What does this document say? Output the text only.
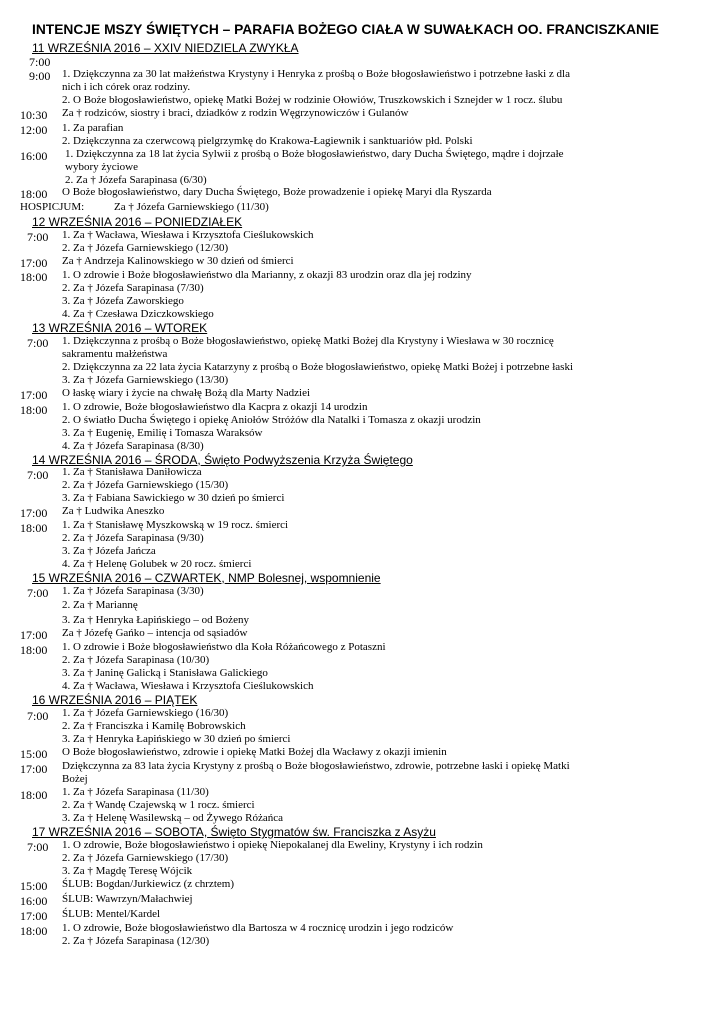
INTENCJE MSZY ŚWIĘTYCH – PARAFIA BOŻEGO CIAŁA W SUWAŁKACH OO. FRANCISZKANIE
11 WRZEŚNIA 2016 – XXIV NIEDZIELA ZWYKŁA
7:00
9:00 1. Dziękczynna za 30 lat małżeństwa Krystyny i Henryka z prośbą o Boże błogosławieństwo i potrzebne łaski z dla
nich i ich córek oraz rodziny.
2. O Boże błogosławieństwo, opiekę Matki Bożej w rodzinie Ołowiów, Truszkowskich i Sznejder w 1 rocz. ślubu
10:30 Za † rodziców, siostry i braci, dziadków z rodzin Węgrzynowiczów i Gulanów
12:00 1. Za parafian
2. Dziękczynna za czerwcową pielgrzymkę do Krakowa-Łagiewnik i sanktuariów płd. Polski
16:00 1. Dziękczynna za 18 lat życia Sylwii z prośbą o Boże błogosławieństwo, dary Ducha Świętego, mądre i dojrzałe
wybory życiowe
2. Za † Józefa Sarapinasa (6/30)
18:00 O Boże błogosławieństwo, dary Ducha Świętego, Boże prowadzenie i opiekę Maryi dla Ryszarda
HOSPICJUM:	Za † Józefa Garniewskiego (11/30)
12 WRZEŚNIA 2016 – PONIEDZIAŁEK
7:00 1. Za † Wacława, Wiesława i Krzysztofa Cieślukowskich
2. Za † Józefa Garniewskiego (12/30)
17:00 Za † Andrzeja Kalinowskiego w 30 dzień od śmierci
18:00 1. O zdrowie i Boże błogosławieństwo dla Marianny, z okazji 83 urodzin oraz dla jej rodziny
2. Za † Józefa Sarapinasa (7/30)
3. Za † Józefa Zaworskiego
4. Za † Czesława Dziczkowskiego
13 WRZEŚNIA 2016 – WTOREK
7:00 1. Dziękczynna z prośbą o Boże błogosławieństwo, opiekę Matki Bożej dla Krystyny i Wiesława w 30 rocznicę
sakramentu małżeństwa
2. Dziękczynna za 22 lata życia Katarzyny z prośbą o Boże błogosławieństwo, opiekę Matki Bożej i potrzebne łaski
3. Za † Józefa Garniewskiego (13/30)
17:00 O łaskę wiary i życie na chwałę Bożą dla Marty Nadziei
18:00 1. O zdrowie, Boże błogosławieństwo dla Kacpra z okazji 14 urodzin
2. O światło Ducha Świętego i opiekę Aniołów Stróżów dla Natalki i Tomasza z okazji urodzin
3. Za † Eugenię, Emilię i Tomasza Waraksów
4. Za † Józefa Sarapinasa (8/30)
14 WRZEŚNIA 2016 – ŚRODA, Święto Podwyższenia Krzyża Świętego
7:00 1. Za † Stanisława Daniłowicza
2. Za † Józefa Garniewskiego (15/30)
3. Za † Fabiana Sawickiego w 30 dzień po śmierci
17:00 Za † Ludwika Aneszko
18:00 1. Za † Stanisławę Myszkowską w 19 rocz. śmierci
2. Za † Józefa Sarapinasa (9/30)
3. Za † Józefa Jańcza
4. Za † Helenę Golubek w 20 rocz. śmierci
15 WRZEŚNIA 2016 – CZWARTEK, NMP Bolesnej, wspomnienie
7:00 1. Za † Józefa Sarapinasa (3/30)
2. Za † Mariannę
3. Za † Henryka Łapińskiego – od Bożeny
17:00 Za † Józefę Gańko – intencja od sąsiadów
18:00 1. O zdrowie i Boże błogosławieństwo dla Koła Różańcowego z Potaszni
2. Za † Józefa Sarapinasa (10/30)
3. Za † Janinę Galicką i Stanisława Galickiego
4. Za † Wacława, Wiesława i Krzysztofa Cieślukowskich
16 WRZEŚNIA 2016 – PIĄTEK
7:00 1. Za † Józefa Garniewskiego (16/30)
2. Za † Franciszka i Kamilę Bobrowskich
3. Za † Henryka Łapińskiego w 30 dzień po śmierci
15:00 O Boże błogosławieństwo, zdrowie i opiekę Matki Bożej dla Wacławy z okazji imienin
17:00 Dziękczynna za 83 lata życia Krystyny z prośbą o Boże błogosławieństwo, zdrowie, potrzebne łaski i opiekę Matki
Bożej
18:00 1. Za † Józefa Sarapinasa (11/30)
2. Za † Wandę Czajewską w 1 rocz. śmierci
3. Za † Helenę Wasilewską – od Żywego Różańca
17 WRZEŚNIA 2016 – SOBOTA, Święto Stygmatów św. Franciszka z Asyżu
7:00 1. O zdrowie, Boże błogosławieństwo i opiekę Niepokalanej dla Eweliny, Krystyny i ich rodzin
2. Za † Józefa Garniewskiego (17/30)
3. Za † Magdę Teresę Wójcik
15:00 ŚLUB: Bogdan/Jurkiewicz (z chrztem)
16:00 ŚLUB: Wawrzyn/Małachwiej
17:00 ŚLUB: Mentel/Kardel
18:00 1. O zdrowie, Boże błogosławieństwo dla Bartosza w 4 rocznicę urodzin i jego rodziców
2. Za † Józefa Sarapinasa (12/30)
